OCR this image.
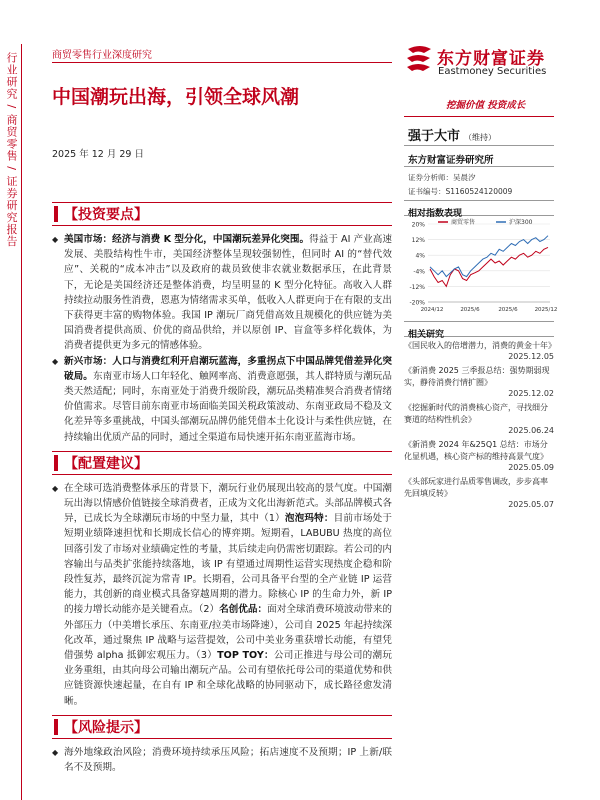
行业研究 / 商贸零售 / 证券研究报告	商贸零售行业深度研究
中国潮玩出海，引领全球风潮
2025 年 12 月 29 日
东方财富证券
Eastmoney Securities
挖掘价值 投资成长
强于大市 （维持）
东方财富证券研究所
证券分析师：吴晨汐
证书编号：S1160524120009
相对指数表现
20%
12%
4%
-4%
-12%
-20%
2024/12	2025/6	2025/6	2025/12
商贸零售	沪深300
相关研究
《国民收入的倍增潜力，消费的黄金十年》
2025.12.05
《新消费 2025 三季报总结：强势期弱现实，静待消费行情扩圈》
2025.12.02
《挖掘新时代的消费核心资产，寻找细分赛道的结构性机会》
2025.06.24
《新消费 2024 年&25Q1 总结：市场分化显机遇，核心资产标的维持高景气度》
2025.05.09
《头部玩家进行品质零售调改，步步高率先回填反转》
2025.05.07
【投资要点】
◆ 美国市场：经济与消费 K 型分化，中国潮玩差异化突围。得益于 AI 产业高速发展、美股结构性牛市，美国经济整体呈现较强韧性，但同时 AI 的“替代效应”、关税的“成本冲击”以及政府的裁员致使非农就业数据承压，在此背景下，无论是美国经济还是整体消费，均呈明显的 K 型分化特征。高收入人群持续拉动服务性消费，恩惠为情绪需求买单，低收入人群更向于在有限的支出下获得更丰富的购物体验。我国 IP 潮玩厂商凭借高效且规模化的供应链为美国消费者提供高质、价优的商品供给，并以原创 IP、盲盒等多样化载体，为消费者提供更为多元的情感体验。
◆ 新兴市场：人口与消费红利开启潮玩蓝海，多重拐点下中国品牌凭借差异化突破局。东南亚市场人口年轻化、触网率高、消费意愿强，其人群特质与潮玩品类天然适配；同时，东南亚处于消费升级阶段，潮玩品类精准契合消费者情绪价值需求。尽管目前东南亚市场面临美国关税政策波动、东南亚政局不稳及文化差异等多重挑战，中国头部潮玩品牌仍能凭借本土化设计与柔性供应链，在持续输出优质产品的同时，通过全渠道布局快速开拓东南亚蓝海市场。
【配置建议】
◆ 在全球可选消费整体承压的背景下，潮玩行业仍展现出较高的景气度。中国潮玩出海以情感价值链接全球消费者，正成为文化出海新范式。头部品牌模式各异，已成长为全球潮玩市场的中坚力量，其中（1）泡泡玛特：目前市场处于短期业绩降速担忧和长期成长信心的博弈期。短期看，LABUBU 热度的高位回落引发了市场对业绩确定性的考量，其后续走向仍需密切跟踪。若公司的内容输出与品类扩张能持续落地，该 IP 有望通过周期性运营实现热度企稳和阶段性复苏，最终沉淀为常青 IP。长期看，公司具备平台型的全产业链 IP 运营能力，其创新的商业模式具备穿越周期的潜力。除核心 IP 的生命力外，新 IP 的接力增长动能亦是关键看点。（2）名创优品：面对全球消费环境波动带来的外部压力（中美增长承压、东南亚/拉美市场降速），公司自 2025 年起持续深化改革，通过聚焦 IP 战略与运营提效，公司中美业务重获增长动能，有望凭借强势 alpha 抵御宏观压力。（3）TOP TOY：公司正推进与母公司的潮玩业务重组，由其向母公司输出潮玩产品。公司有望依托母公司的渠道优势和供应链资源快速起量，在自有 IP 和全球化战略的协同驱动下，成长路径愈发清晰。
【风险提示】
◆ 海外地缘政治风险；消费环境持续承压风险；拓店速度不及预期；IP 上新/联名不及预期。
